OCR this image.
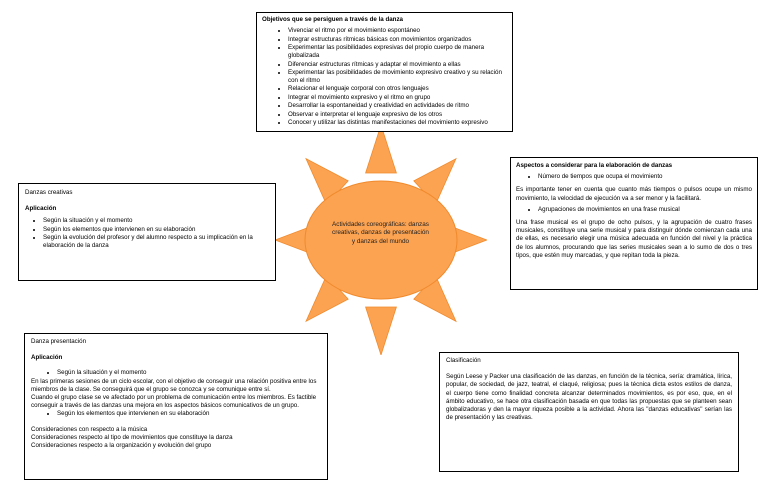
Actividades coreográficas: danzas creativas, danzas de presentación y danzas del mundo
Objetivos que se persiguen a través de la danza
• Vivenciar el ritmo por el movimiento espontáneo
• Integrar estructuras rítmicas básicas con movimientos organizados
• Experimentar las posibilidades expresivas del propio cuerpo de manera globalizada
• Diferenciar estructuras rítmicas y adaptar el movimiento a ellas
• Experimentar las posibilidades de movimiento expresivo creativo y su relación con el ritmo
• Relacionar el lenguaje corporal con otros lenguajes
• Integrar el movimiento expresivo y el ritmo en grupo
• Desarrollar la espontaneidad y creatividad en actividades de ritmo
• Observar e interpretar el lenguaje expresivo de los otros
• Conocer y utilizar las distintas manifestaciones del movimiento expresivo
Aspectos a considerar para la elaboración de danzas
• Número de tiempos que ocupa el movimiento

Es importante tener en cuenta que cuanto más tiempos o pulsos ocupe un mismo movimiento, la velocidad de ejecución va a ser menor y la facilitará.

• Agrupaciones de movimientos en una frase musical

Una frase musical es el grupo de ocho pulsos, y la agrupación de cuatro frases musicales, constituye una serie musical y para distinguir dónde comienzan cada una de ellas, es necesario elegir una música adecuada en función del nivel y la práctica de los alumnos, procurando que las series musicales sean a lo sumo de dos o tres tipos, que estén muy marcadas, y que repitan toda la pieza.

Danzas creativas
Aplicación
• Según la situación y el momento
• Según los elementos que intervienen en su elaboración
• Según la evolución del profesor y del alumno respecto a su implicación en la elaboración de la danza
Danza presentación
Aplicación
• Según la situación y el momento
En las primeras sesiones de un ciclo escolar, con el objetivo de conseguir una relación positiva entre los miembros de la clase. Se conseguirá que el grupo se conozca y se comunique entre sí.
Cuando el grupo clase se ve afectado por un problema de comunicación entre los miembros. Es factible conseguir a través de las danzas una mejora en los aspectos básicos comunicativos de un grupo.
• Según los elementos que intervienen en su elaboración
Consideraciones con respecto a la música
Consideraciones respecto al tipo de movimientos que constituye la danza
Consideraciones respecto a la organización y evolución del grupo
Clasificación

Según Leese y Packer una clasificación de las danzas, en función de la técnica, sería: dramática, lírica, popular, de sociedad, de jazz, teatral, el claqué, religiosa; pues la técnica dicta estos estilos de danza, el cuerpo tiene como finalidad concreta alcanzar determinados movimientos, es por eso, que, en el ámbito educativo, se hace otra clasificación basada en que todas las propuestas que se planteen sean globalizadoras y den la mayor riqueza posible a la actividad. Ahora las "danzas educativas" serían las de presentación y las creativas.
